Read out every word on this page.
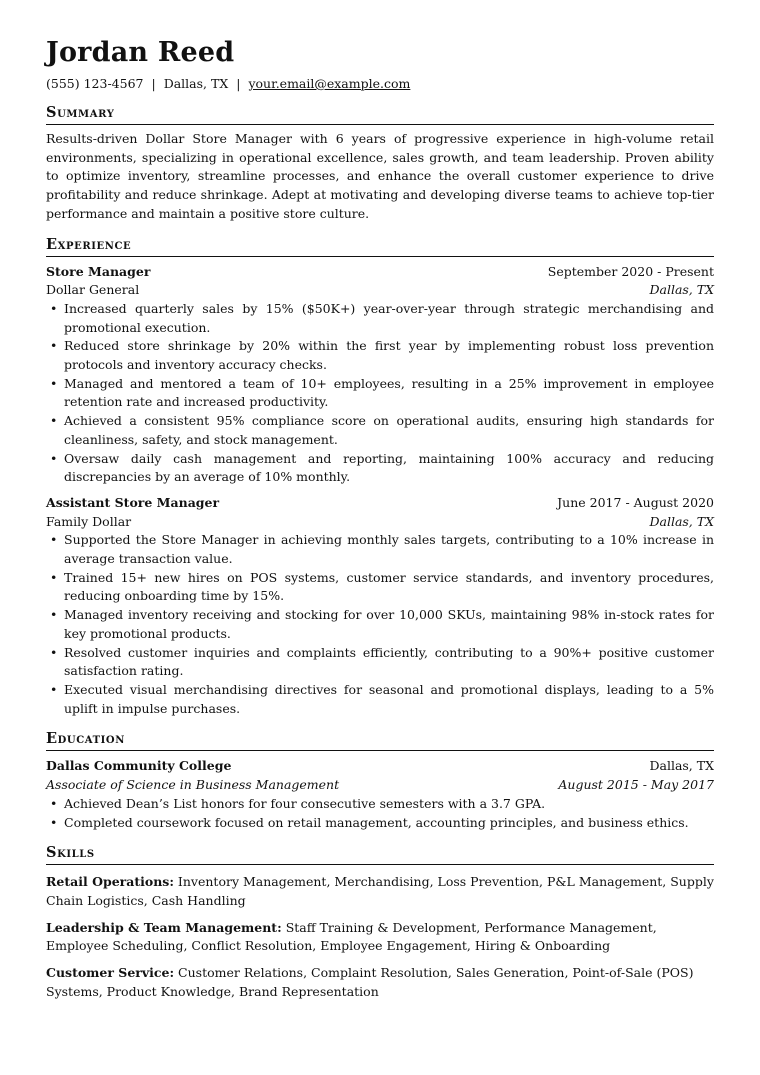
Jordan Reed
(555) 123-4567 | Dallas, TX | your.email@example.com
Summary
Results-driven Dollar Store Manager with 6 years of progressive experience in high-volume retail environments, specializing in operational excellence, sales growth, and team leadership. Proven ability to optimize inventory, streamline processes, and enhance the overall customer experience to drive profitability and reduce shrinkage. Adept at motivating and developing diverse teams to achieve top-tier performance and maintain a positive store culture.
Experience
Store Manager	September 2020 - Present
Dollar General	Dallas, TX
• Increased quarterly sales by 15% ($50K+) year-over-year through strategic merchandising and promotional execution.
• Reduced store shrinkage by 20% within the first year by implementing robust loss prevention protocols and inventory accuracy checks.
• Managed and mentored a team of 10+ employees, resulting in a 25% improvement in employee retention rate and increased productivity.
• Achieved a consistent 95% compliance score on operational audits, ensuring high standards for cleanliness, safety, and stock management.
• Oversaw daily cash management and reporting, maintaining 100% accuracy and reducing discrepancies by an average of 10% monthly.
Assistant Store Manager	June 2017 - August 2020
Family Dollar	Dallas, TX
• Supported the Store Manager in achieving monthly sales targets, contributing to a 10% increase in average transaction value.
• Trained 15+ new hires on POS systems, customer service standards, and inventory procedures, reducing onboarding time by 15%.
• Managed inventory receiving and stocking for over 10,000 SKUs, maintaining 98% in-stock rates for key promotional products.
• Resolved customer inquiries and complaints efficiently, contributing to a 90%+ positive customer satisfaction rating.
• Executed visual merchandising directives for seasonal and promotional displays, leading to a 5% uplift in impulse purchases.
Education
Dallas Community College	Dallas, TX
Associate of Science in Business Management	August 2015 - May 2017
• Achieved Dean’s List honors for four consecutive semesters with a 3.7 GPA.
• Completed coursework focused on retail management, accounting principles, and business ethics.
Skills
Retail Operations: Inventory Management, Merchandising, Loss Prevention, P&L Management, Supply Chain Logistics, Cash Handling
Leadership & Team Management: Staff Training & Development, Performance Management, Employee Scheduling, Conflict Resolution, Employee Engagement, Hiring & Onboarding
Customer Service: Customer Relations, Complaint Resolution, Sales Generation, Point-of-Sale (POS) Systems, Product Knowledge, Brand Representation
